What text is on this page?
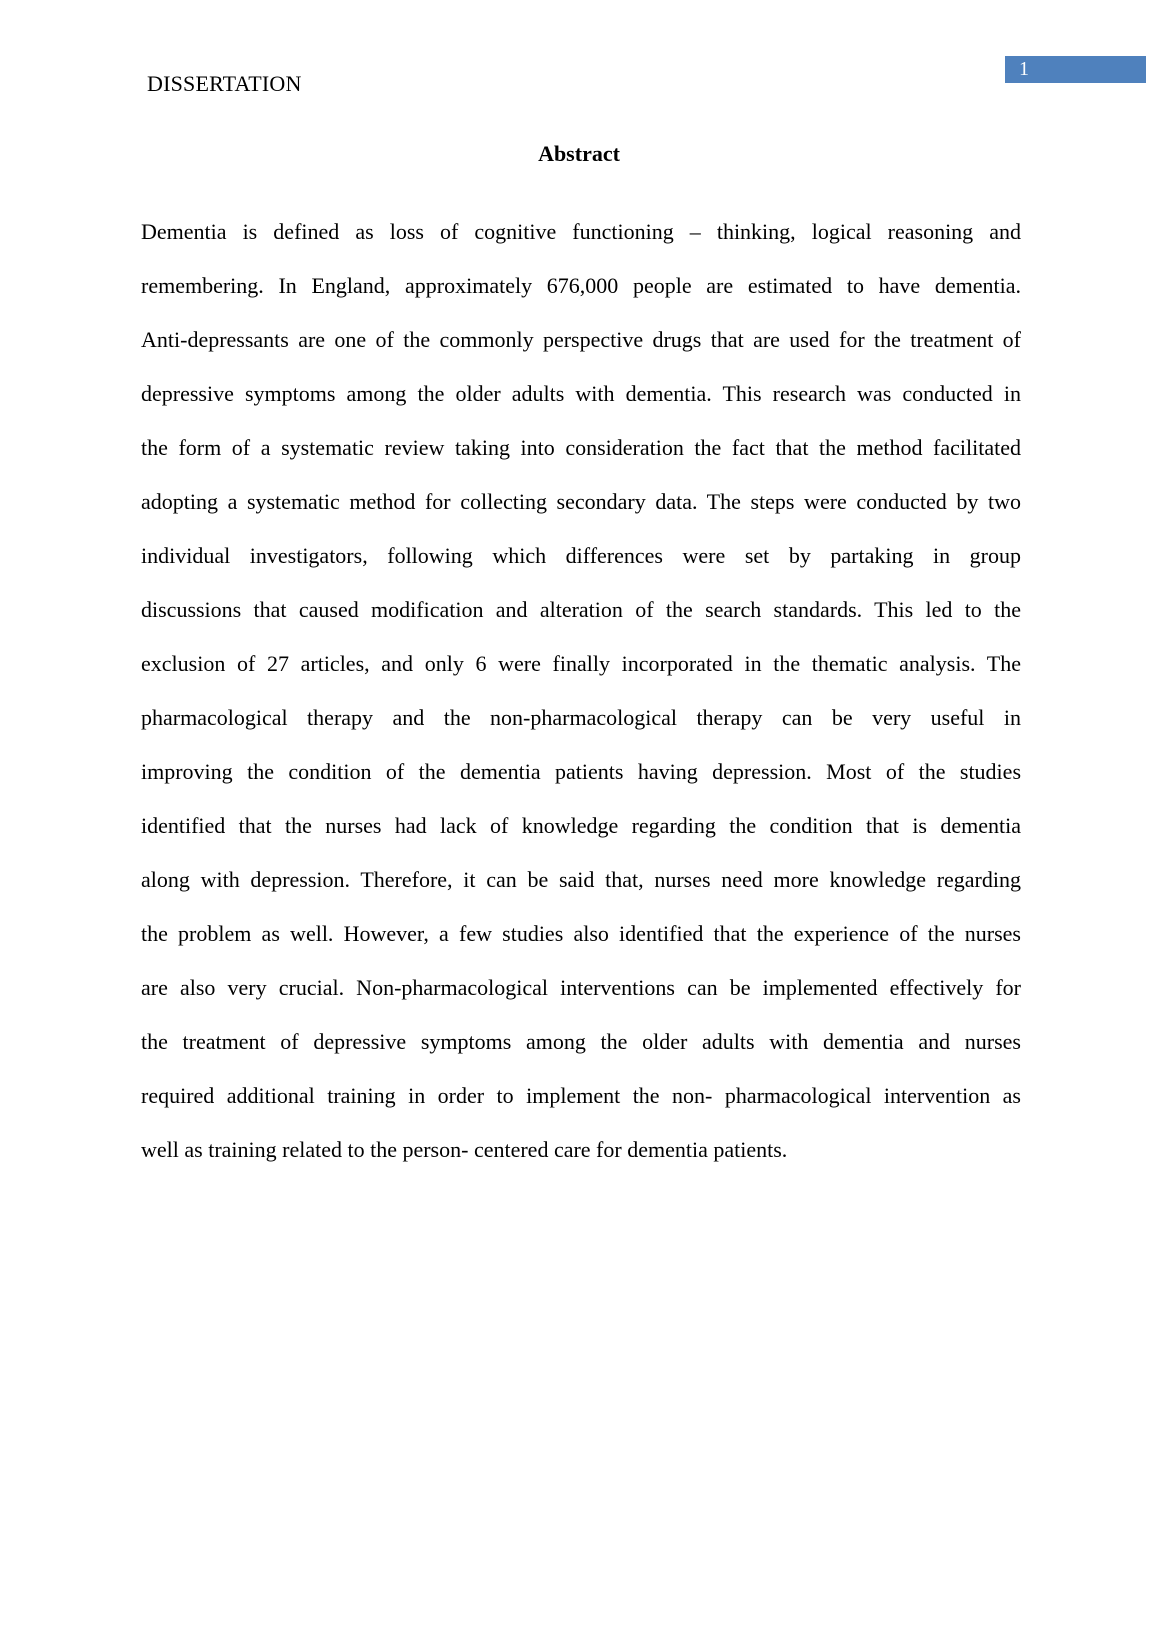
DISSERTATION
1
Abstract

Dementia is defined as loss of cognitive functioning – thinking, logical reasoning and
remembering. In England, approximately 676,000 people are estimated to have dementia.
Anti-depressants are one of the commonly perspective drugs that are used for the treatment of
depressive symptoms among the older adults with dementia. This research was conducted in
the form of a systematic review taking into consideration the fact that the method facilitated
adopting a systematic method for collecting secondary data. The steps were conducted by two
individual investigators, following which differences were set by partaking in group
discussions that caused modification and alteration of the search standards. This led to the
exclusion of 27 articles, and only 6 were finally incorporated in the thematic analysis. The
pharmacological therapy and the non-pharmacological therapy can be very useful in
improving the condition of the dementia patients having depression. Most of the studies
identified that the nurses had lack of knowledge regarding the condition that is dementia
along with depression. Therefore, it can be said that, nurses need more knowledge regarding
the problem as well. However, a few studies also identified that the experience of the nurses
are also very crucial. Non-pharmacological interventions can be implemented effectively for
the treatment of depressive symptoms among the older adults with dementia and nurses
required additional training in order to implement the non- pharmacological intervention as
well as training related to the person- centered care for dementia patients.
